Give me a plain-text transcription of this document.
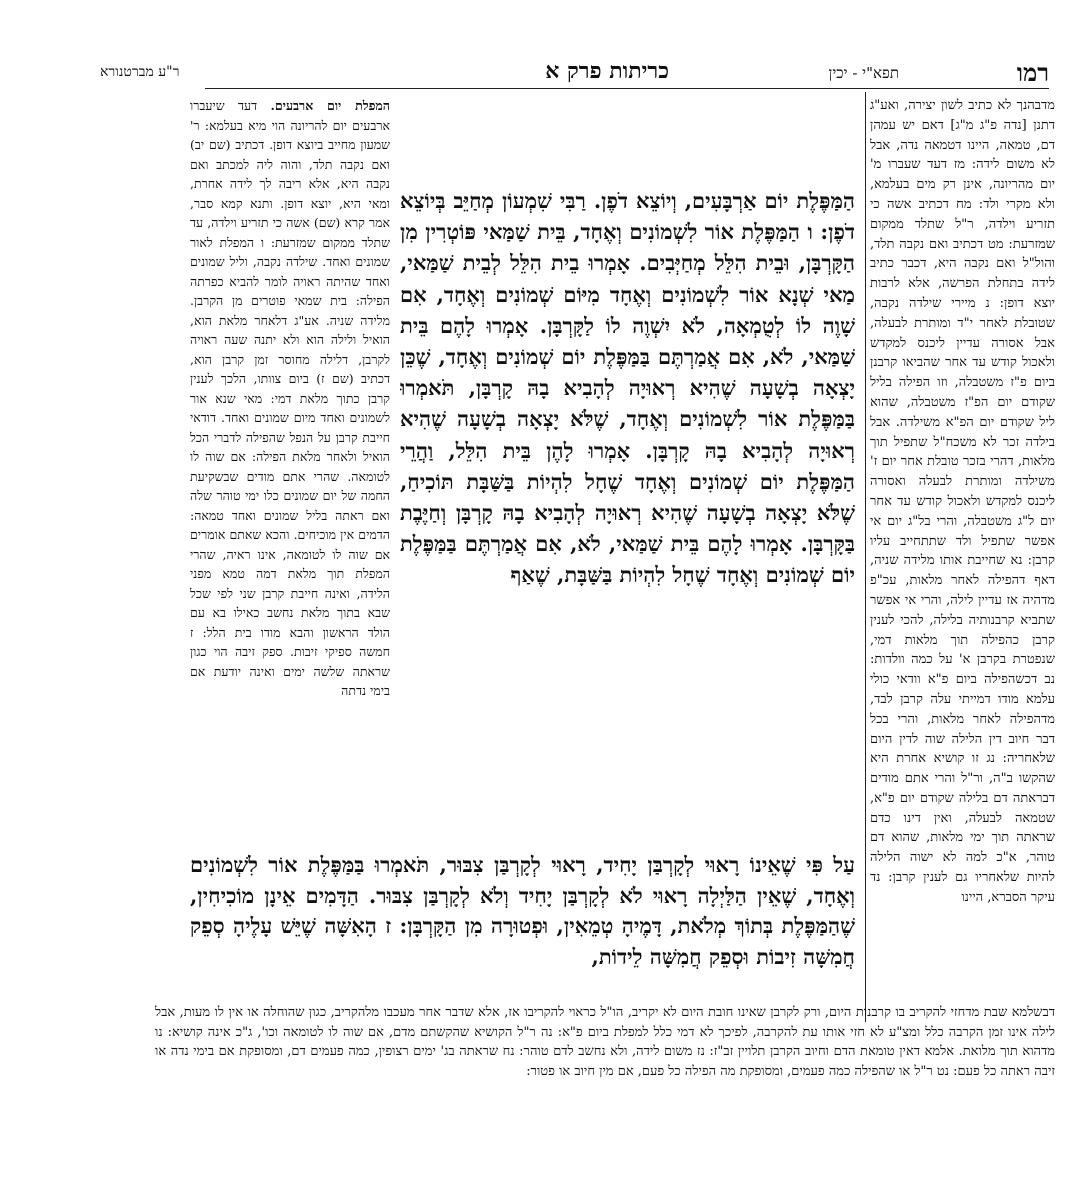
רמו
תפא"י - יכין
כריתות פרק א
ר"ע מברטנורא
מדבהנך לא כתיב לשון יצירה, ואע"ג דתנן [נדה פ"ג מ"ג] דאם יש עמהן דם, טמאה, היינו דטמאה נדה, אבל לא משום לידה: מז דעד שעברו מ' יום מהריונה, אינן רק מים בעלמא, ולא מקרי ולד: מח דכתיב אשה כי תזריע וילדה, ר"ל שתלד ממקום שמזרעת: מט דכתיב ואם נקבה תלד, והול"ל ואם נקבה היא, דכבר כתיב לידה בתחלת הפרשה, אלא לרבות יוצא דופן: נ מיירי שילדה נקבה, שטובלת לאחר י"ד ומותרת לבעלה, אבל אסורה עדיין ליכנס למקדש ולאכול קודש עד אחר שהביאו קרבנן ביום פ"ז משטבלה, וזו הפילה בליל שקודם יום הפ"ז משטבלה, שהוא ליל שקודם יום הפ"א משילדה. אבל בילדה זכר לא משכח"ל שתפיל תוך מלאות, דהרי בזכר טובלת אחר יום ז' משילדה ומותרת לבעלה ואסורה ליכנס למקדש ולאכול קודש עד אחר יום ל"ג משטבלה, והרי בל"ג יום אי אפשר שתפיל ולד שתתחייב עליו קרבן: נא שחייבת אותו מלידה שניה, דאף דהפילה לאחר מלאות, עכ"פ מדהיה אז עדיין לילה, והרי אי אפשר שתביא קרבנותיה בלילה, להכי לענין קרבן כהפילה תוך מלאות דמי, שנפטרת בקרבן א' על כמה וולדות: נב דכשהפילה ביום פ"א וודאי כולי עלמא מודו דמייתי עלה קרבן לבד, מדהפילה לאחר מלאות, והרי בכל דבר חיוב דין הלילה שוה לדין היום שלאחריה: נג זו קושיא אחרת היא שהקשו ב"ה, ור"ל והרי אתם מודים דבראתה דם בלילה שקודם יום פ"א, שטמאה לבעלה, ואין דינו כדם שראתה תוך ימי מלאות, שהוא דם טוהר, א"כ למה לא ישוה הלילה להיות שלאחריו גם לענין קרבן: נד עיקר הסברא, היינו
המפלת יום ארבעים. דעד שיעברו ארבעים יום להריונה הוי מיא בעלמא: ר' שמעון מחייב ביוצא דופן. דכתיב (שם יב) ואם נקבה תלד, והוה ליה למכתב ואם נקבה היא, אלא ריבה לך לידה אחרת, ומאי היא, יוצא דופן. ותנא קמא סבר, אמר קרא (שם) אשה כי תזריע וילדה, עד שתלד ממקום שמזרעת: ו המפלת לאור שמונים ואחד. שילדה נקבה, וליל שמונים ואחד שהיתה ראויה לומר להביא כפרתה הפילה: בית שמאי פוטרים מן הקרבן. מלידה שניה. אע"ג דלאחר מלאת הוא, הואיל ולילה הוא ולא יתנה שעה ראויה לקרבן, דלילה מחוסר זמן קרבן הוא, דכתיב (שם ז) ביום צוותו, הלכך לענין קרבן כתוך מלאת דמי: מאי שנא אור לשמונים ואחד מיום שמונים ואחד. דודאי חייבת קרבן על הנפל שהפילה לדברי הכל הואיל ולאחר מלאת הפילה: אם שוה לו לטומאה. שהרי אתם מודים שבשקיעת החמה של יום שמונים כלו ימי טוהר שלה ואם ראתה בליל שמונים ואחד טמאה: הדמים אין מוכיחים. והכא שאתם אומרים אם שוה לו לטומאה, אינו ראיה, שהרי המפלת תוך מלאת דמה טמא מפני הלידה, ואינה חייבת קרבן שני לפי שכל שבא בתוך מלאת נחשב כאילו בא עם הולד הראשון והבא מודו בית הלל: ז חמשה ספיקי זיבות. ספק זיבה הוי כגון שראתה שלשה ימים ואינה יודעת אם בימי נדתה
הַמַּפֶּלֶת יוֹם אַרְבָּעִים, וְיוֹצֵא דֹפֶן. רַבִּי שִׁמְעוֹן מְחַיֵּב בְּיוֹצֵא דֹפֶן: ו הַמַּפֶּלֶת אוֹר לִשְׁמוֹנִים וְאֶחָד, בֵּית שַׁמַּאי פּוֹטְרִין מִן הַקָּרְבָּן, וּבֵית הִלֵּל מְחַיְּבִים. אָמְרוּ בֵית הִלֵּל לְבֵית שַׁמַּאי, מַאי שְׁנָא אוֹר לִשְׁמוֹנִים וְאֶחָד מִיּוֹם שְׁמוֹנִים וְאֶחָד, אִם שָׁוֶה לוֹ לְטֻמְאָה, לֹא יִשְׁוֶה לוֹ לַקָּרְבָּן. אָמְרוּ לָהֶם בֵּית שַׁמַּאי, לֹא, אִם אֲמַרְתֶּם בַּמַּפֶּלֶת יוֹם שְׁמוֹנִים וְאֶחָד, שֶׁכֵּן יָצְאָה בְשָׁעָה שֶׁהִיא רְאוּיָה לְהָבִיא בָהּ קָרְבָּן, תֹּאמְרוּ בַּמַּפֶּלֶת אוֹר לִשְׁמוֹנִים וְאֶחָד, שֶׁלֹּא יָצְאָה בְשָׁעָה שֶׁהִיא רְאוּיָה לְהָבִיא בָהּ קָרְבָּן. אָמְרוּ לָהֶן בֵּית הִלֵּל, וַהֲרֵי הַמַּפֶּלֶת יוֹם שְׁמוֹנִים וְאֶחָד שֶׁחָל לִהְיוֹת בַּשַּׁבָּת תּוֹכִיחַ, שֶׁלֹּא יָצְאָה בְשָׁעָה שֶׁהִיא רְאוּיָה לְהָבִיא בָהּ קָרְבָּן וְחַיֶּבֶת בַּקָּרְבָּן. אָמְרוּ לָהֶם בֵּית שַׁמַּאי, לֹא, אִם אֲמַרְתֶּם בַּמַּפֶּלֶת יוֹם שְׁמוֹנִים וְאֶחָד שֶׁחָל לִהְיוֹת בַּשַּׁבָּת, שֶׁאַף
עַל פִּי שֶׁאֵינוֹ רָאוּי לְקָרְבַּן יָחִיד, רָאוּי לְקָרְבַּן צִבּוּר, תֹּאמְרוּ בַּמַּפֶּלֶת אוֹר לִשְׁמוֹנִים וְאֶחָד, שֶׁאֵין הַלַּיְלָה רָאוּי לֹא לְקָרְבַּן יָחִיד וְלֹא לְקָרְבַּן צִבּוּר. הַדָּמִים אֵינָן מוֹכִיחִין, שֶׁהַמַּפֶּלֶת בְּתוֹךְ מְלֹאת, דָּמֶיהָ טְמֵאִין, וּפְטוּרָה מִן הַקָּרְבָּן: ז הָאִשָּׁה שֶׁיֵּשׁ עָלֶיהָ סְפֵק חֲמִשָּׁה זִיבוֹת וּסְפֵק חֲמִשָּׁה לֵידוֹת,
דבשלמא שבת מדחזי להקריב בו קרבנות היום, ורק לקרבן שאינו חובת היום לא יקריב, הו"ל כראוי להקריבו אז, אלא שדבר אחר מעכבו מלהקריב, כגון שהוחלה או אין לו מעות, אבל לילה אינו זמן הקרבה כלל ומצ"ע לא חזי אותו עת להקרבה, לפיכך לא דמי כלל למפלת ביום פ"א: נה ר"ל הקושיא שהקשתם מדם, אם שוה לו לטומאה וכו', ג"כ אינה קושיא: נו מדהוא תוך מלואת. אלמא דאין טומאת הדם וחיוב הקרבן תלויין זב"ז: נז משום לידה, ולא נחשב לדם טוהר: נח שראתה בג' ימים רצופין, כמה פעמים דם, ומסופקת אם בימי נדה או זיבה ראתה כל פעם: נט ר"ל או שהפילה כמה פעמים, ומסופקת מה הפילה כל פעם, אם מין חיוב או פטור:
